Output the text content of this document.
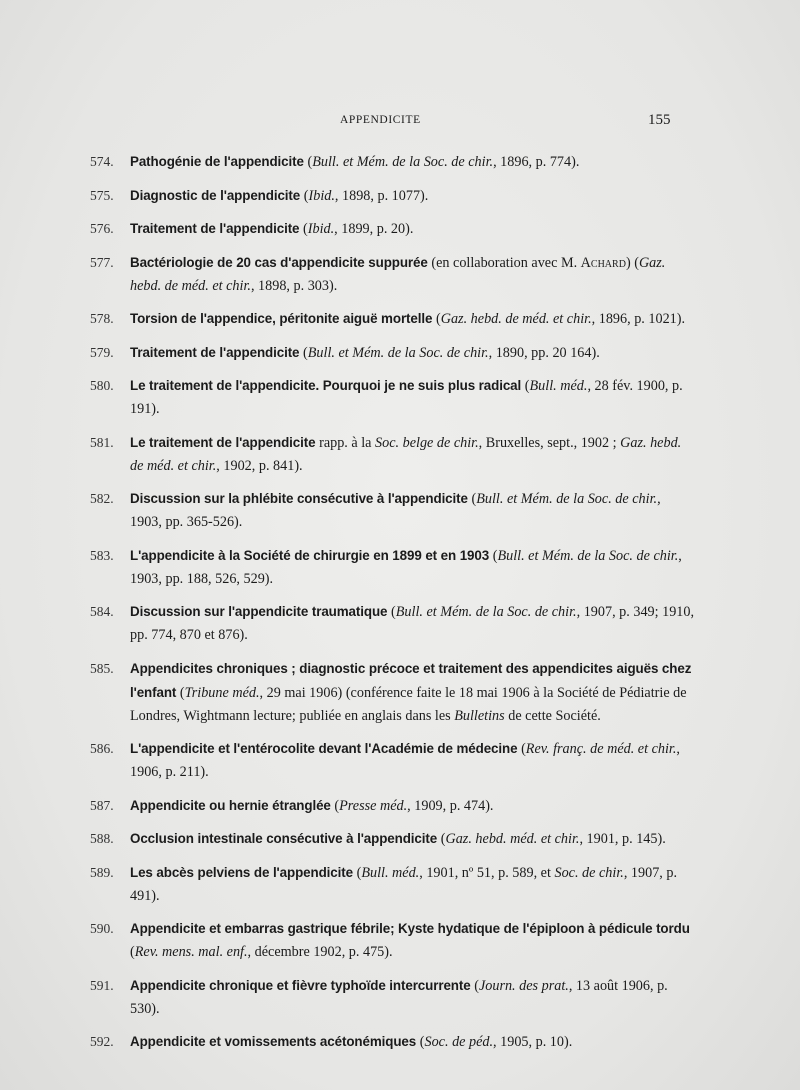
APPENDICITE	155
574. Pathogénie de l'appendicite (Bull. et Mém. de la Soc. de chir., 1896, p. 774).
575. Diagnostic de l'appendicite (Ibid., 1898, p. 1077).
576. Traitement de l'appendicite (Ibid., 1899, p. 20).
577. Bactériologie de 20 cas d'appendicite suppurée (en collaboration avec M. Achard) (Gaz. hebd. de méd. et chir., 1898, p. 303).
578. Torsion de l'appendice, péritonite aiguë mortelle (Gaz. hebd. de méd. et chir., 1896, p. 1021).
579. Traitement de l'appendicite (Bull. et Mém. de la Soc. de chir., 1890, pp. 20 164).
580. Le traitement de l'appendicite. Pourquoi je ne suis plus radical (Bull. méd., 28 fév. 1900, p. 191).
581. Le traitement de l'appendicite rapp. à la Soc. belge de chir., Bruxelles, sept., 1902 ; Gaz. hebd. de méd. et chir., 1902, p. 841).
582. Discussion sur la phlébite consécutive à l'appendicite (Bull. et Mém. de la Soc. de chir., 1903, pp. 365-526).
583. L'appendicite à la Société de chirurgie en 1899 et en 1903 (Bull. et Mém. de la Soc. de chir., 1903, pp. 188, 526, 529).
584. Discussion sur l'appendicite traumatique (Bull. et Mém. de la Soc. de chir., 1907, p. 349; 1910, pp. 774, 870 et 876).
585. Appendicites chroniques ; diagnostic précoce et traitement des appendicites aiguës chez l'enfant (Tribune méd., 29 mai 1906) (conférence faite le 18 mai 1906 à la Société de Pédiatrie de Londres, Wightmann lecture; publiée en anglais dans les Bulletins de cette Société.
586. L'appendicite et l'entérocolite devant l'Académie de médecine (Rev. franç. de méd. et chir., 1906, p. 211).
587. Appendicite ou hernie étranglée (Presse méd., 1909, p. 474).
588. Occlusion intestinale consécutive à l'appendicite (Gaz. hebd. méd. et chir., 1901, p. 145).
589. Les abcès pelviens de l'appendicite (Bull. méd., 1901, nº 51, p. 589, et Soc. de chir., 1907, p. 491).
590. Appendicite et embarras gastrique fébrile; Kyste hydatique de l'épiploon à pédicule tordu (Rev. mens. mal. enf., décembre 1902, p. 475).
591. Appendicite chronique et fièvre typhoïde intercurrente (Journ. des prat., 13 août 1906, p. 530).
592. Appendicite et vomissements acétonémiques (Soc. de péd., 1905, p. 10).
